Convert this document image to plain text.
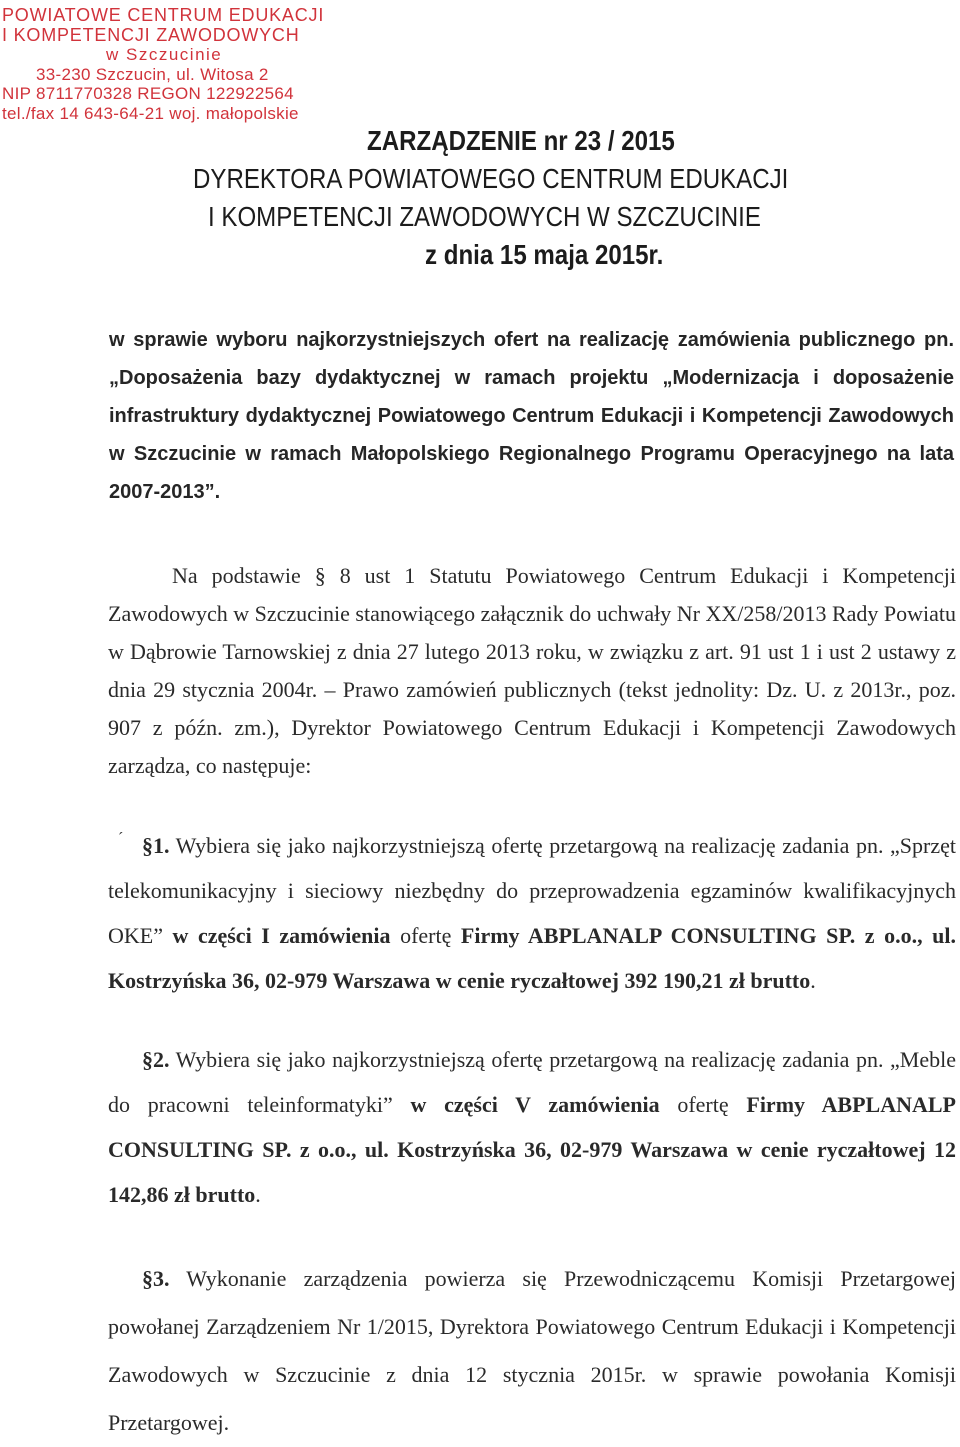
POWIATOWE CENTRUM EDUKACJI
I KOMPETENCJI ZAWODOWYCH
w Szczucinie
33-230 Szczucin, ul. Witosa 2
NIP 8711770328 REGON 122922564
tel./fax 14 643-64-21 woj. małopolskie
ZARZĄDZENIE nr 23 / 2015
DYREKTORA POWIATOWEGO CENTRUM EDUKACJI
I KOMPETENCJI ZAWODOWYCH W SZCZUCINIE
z dnia 15 maja 2015r.
w sprawie wyboru najkorzystniejszych ofert na realizację zamówienia publicznego pn. „Doposażenia bazy dydaktycznej w ramach projektu „Modernizacja i doposażenie infrastruktury dydaktycznej Powiatowego Centrum Edukacji i Kompetencji Zawodowych w Szczucinie w ramach Małopolskiego Regionalnego Programu Operacyjnego na lata 2007-2013”.
Na podstawie § 8 ust 1 Statutu Powiatowego Centrum Edukacji i Kompetencji Zawodowych w Szczucinie stanowiącego załącznik do uchwały Nr XX/258/2013 Rady Powiatu w Dąbrowie Tarnowskiej z dnia 27 lutego 2013 roku, w związku z art. 91 ust 1 i ust 2 ustawy z dnia 29 stycznia 2004r. – Prawo zamówień publicznych (tekst jednolity: Dz. U. z 2013r., poz. 907 z późn. zm.), Dyrektor Powiatowego Centrum Edukacji i Kompetencji Zawodowych zarządza, co następuje:
ˊ §1. Wybiera się jako najkorzystniejszą ofertę przetargową na realizację zadania pn. „Sprzęt telekomunikacyjny i sieciowy niezbędny do przeprowadzenia egzaminów kwalifikacyjnych OKE” w części I zamówienia ofertę Firmy ABPLANALP CONSULTING SP. z o.o., ul. Kostrzyńska 36, 02-979 Warszawa w cenie ryczałtowej 392 190,21 zł brutto.
§2. Wybiera się jako najkorzystniejszą ofertę przetargową na realizację zadania pn. „Meble do pracowni teleinformatyki” w części V zamówienia ofertę Firmy ABPLANALP CONSULTING SP. z o.o., ul. Kostrzyńska 36, 02-979 Warszawa w cenie ryczałtowej 12 142,86 zł brutto.
§3. Wykonanie zarządzenia powierza się Przewodniczącemu Komisji Przetargowej powołanej Zarządzeniem Nr 1/2015, Dyrektora Powiatowego Centrum Edukacji i Kompetencji Zawodowych w Szczucinie z dnia 12 stycznia 2015r. w sprawie powołania Komisji Przetargowej.
